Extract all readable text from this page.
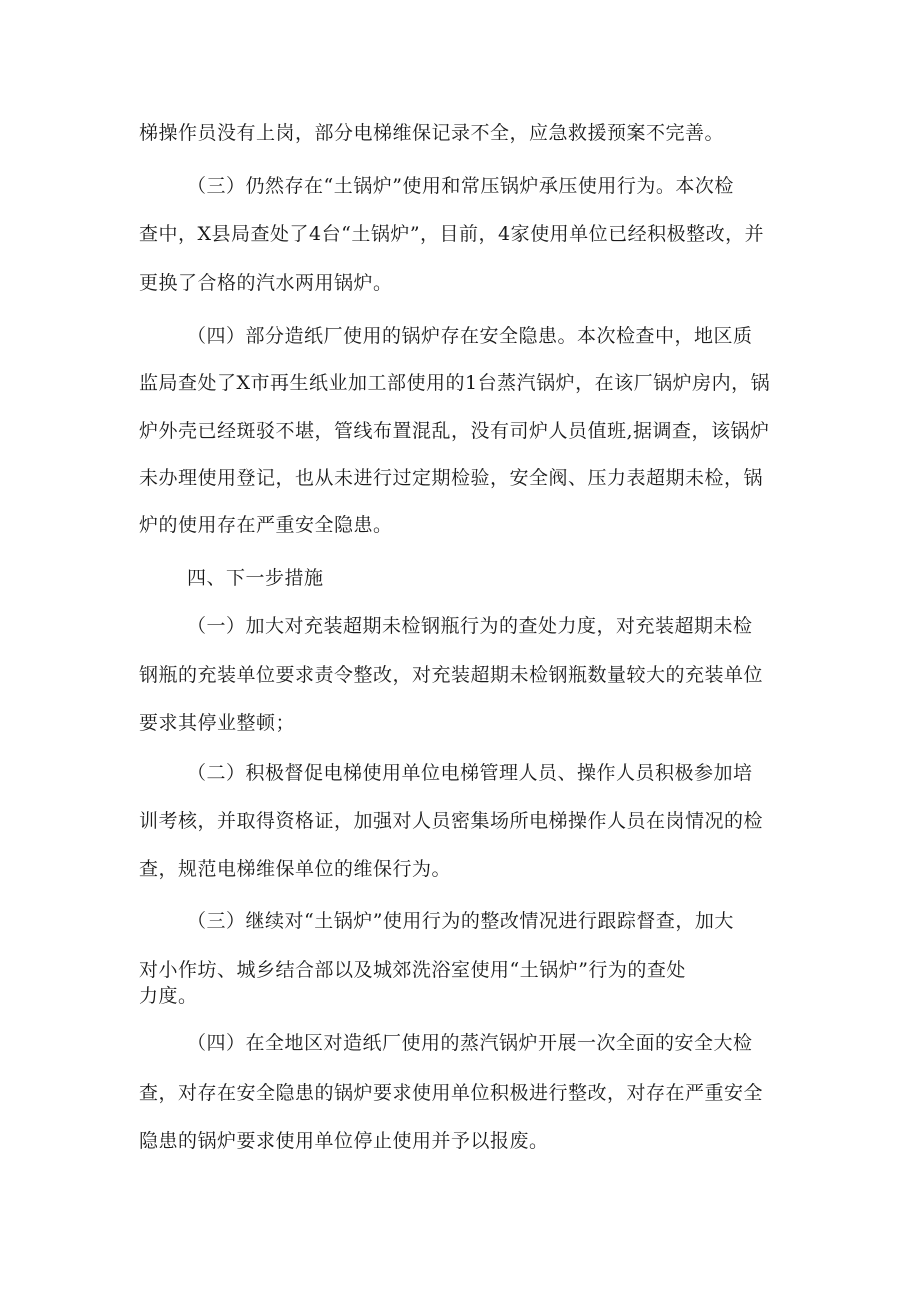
梯操作员没有上岗，部分电梯维保记录不全，应急救援预案不完善。
（三）仍然存在“土锅炉”使用和常压锅炉承压使用行为。本次检
查中，X县局查处了4台“土锅炉”，目前，4家使用单位已经积极整改，并
更换了合格的汽水两用锅炉。
（四）部分造纸厂使用的锅炉存在安全隐患。本次检查中，地区质
监局查处了X市再生纸业加工部使用的1台蒸汽锅炉，在该厂锅炉房内，锅
炉外壳已经斑驳不堪，管线布置混乱，没有司炉人员值班,据调查，该锅炉
未办理使用登记，也从未进行过定期检验，安全阀、压力表超期未检，锅
炉的使用存在严重安全隐患。
四、下一步措施
（一）加大对充装超期未检钢瓶行为的查处力度，对充装超期未检
钢瓶的充装单位要求责令整改，对充装超期未检钢瓶数量较大的充装单位
要求其停业整顿；
（二）积极督促电梯使用单位电梯管理人员、操作人员积极参加培
训考核，并取得资格证，加强对人员密集场所电梯操作人员在岗情况的检
查，规范电梯维保单位的维保行为。
（三）继续对“土锅炉”使用行为的整改情况进行跟踪督查，加大
对小作坊、城乡结合部以及城郊洗浴室使用“土锅炉”行为的查处
力度。
（四）在全地区对造纸厂使用的蒸汽锅炉开展一次全面的安全大检
查，对存在安全隐患的锅炉要求使用单位积极进行整改，对存在严重安全
隐患的锅炉要求使用单位停止使用并予以报废。
